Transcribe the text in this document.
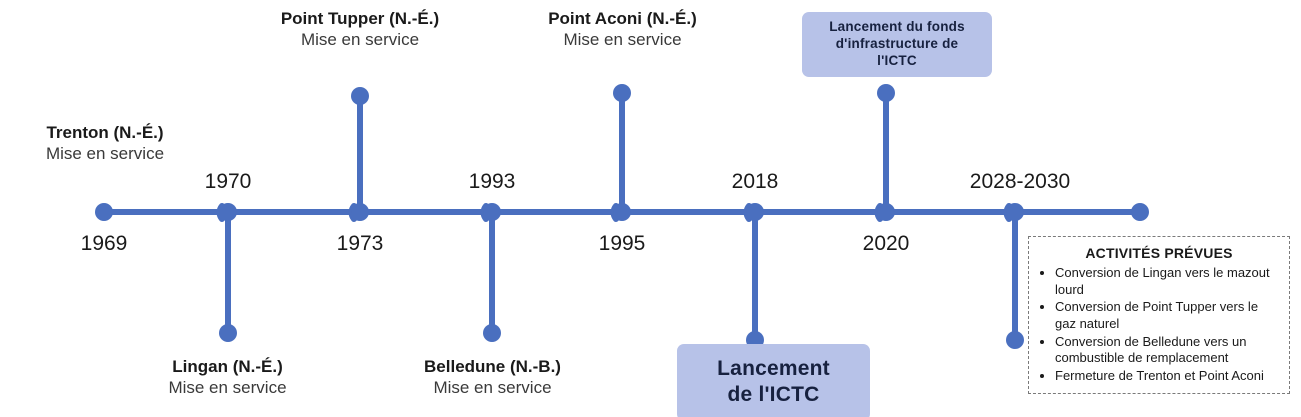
Trenton (N.-É.)
Mise en service
Point Tupper (N.-É.)
Mise en service
Point Aconi (N.-É.)
Mise en service
Lingan (N.-É.)
Mise en service
Belledune (N.-B.)
Mise en service
Lancement du fonds
d'infrastructure de
l'ICTC
Lancement
de l'ICTC
1969
1970
1973
1993
1995
2018
2020
2028-2030
ACTIVITÉS PRÉVUES
• Conversion de Lingan vers le mazout lourd
• Conversion de Point Tupper vers le gaz naturel
• Conversion de Belledune vers un combustible de remplacement
• Fermeture de Trenton et Point Aconi
